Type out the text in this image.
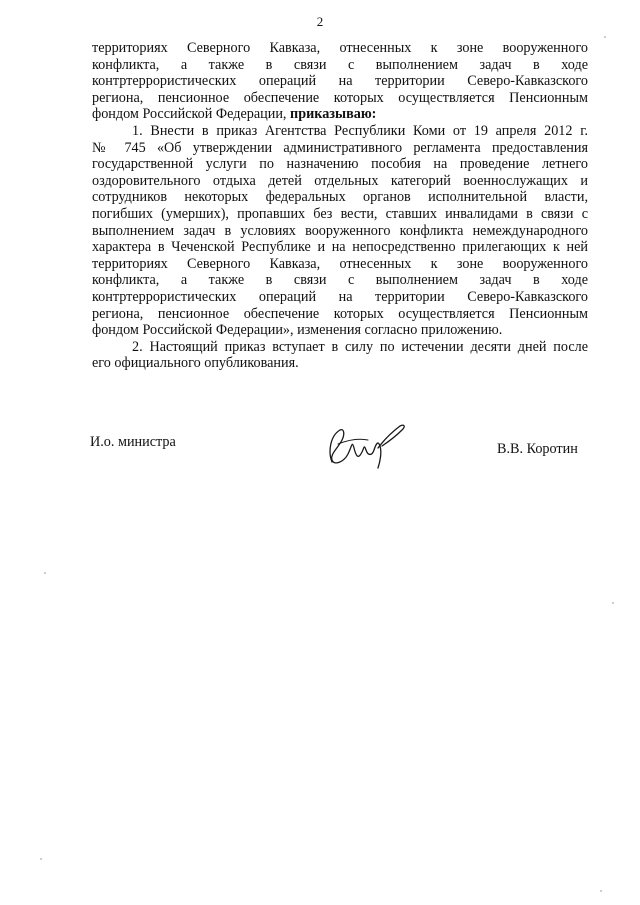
2
территориях Северного Кавказа, отнесенных к зоне вооруженного
конфликта, а также в связи с выполнением задач в ходе
контртеррористических операций на территории Северо-Кавказского
региона, пенсионное обеспечение которых осуществляется Пенсионным
фондом Российской Федерации, приказываю:
1. Внести в приказ Агентства Республики Коми от 19 апреля 2012 г.
№ 745 «Об утверждении административного регламента предоставления
государственной услуги по назначению пособия на проведение летнего
оздоровительного отдыха детей отдельных категорий военнослужащих и
сотрудников некоторых федеральных органов исполнительной власти,
погибших (умерших), пропавших без вести, ставших инвалидами в связи с
выполнением задач в условиях вооруженного конфликта немеждународного
характера в Чеченской Республике и на непосредственно прилегающих к ней
территориях Северного Кавказа, отнесенных к зоне вооруженного
конфликта, а также в связи с выполнением задач в ходе
контртеррористических операций на территории Северо-Кавказского
региона, пенсионное обеспечение которых осуществляется Пенсионным
фондом Российской Федерации», изменения согласно приложению.
2. Настоящий приказ вступает в силу по истечении десяти дней после
его официального опубликования.
И.о. министра	В.В. Коротин
